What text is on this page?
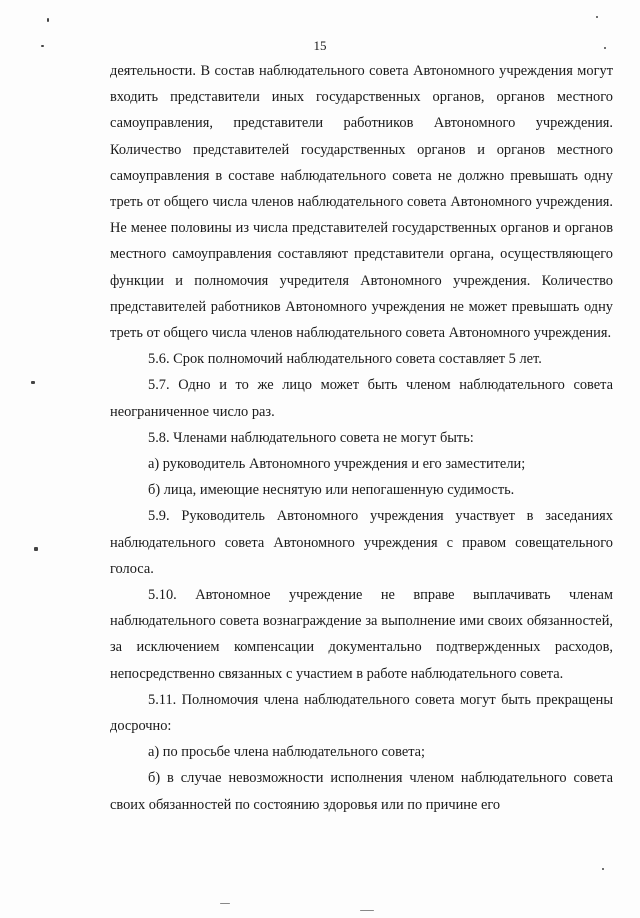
15

деятельности. В состав наблюдательного совета Автономного учреждения могут входить представители иных государственных органов, органов местного самоуправления, представители работников Автономного учреждения. Количество представителей государственных органов и органов местного самоуправления в составе наблюдательного совета не должно превышать одну треть от общего числа членов наблюдательного совета Автономного учреждения. Не менее половины из числа представителей государственных органов и органов местного самоуправления составляют представители органа, осуществляющего функции и полномочия учредителя Автономного учреждения. Количество представителей работников Автономного учреждения не может превышать одну треть от общего числа членов наблюдательного совета Автономного учреждения.

5.6. Срок полномочий наблюдательного совета составляет 5 лет.

5.7. Одно и то же лицо может быть членом наблюдательного совета неограниченное число раз.

5.8. Членами наблюдательного совета не могут быть:

а) руководитель Автономного учреждения и его заместители;

б) лица, имеющие неснятую или непогашенную судимость.

5.9. Руководитель Автономного учреждения участвует в заседаниях наблюдательного совета Автономного учреждения с правом совещательного голоса.

5.10. Автономное учреждение не вправе выплачивать членам наблюдательного совета вознаграждение за выполнение ими своих обязанностей, за исключением компенсации документально подтвержденных расходов, непосредственно связанных с участием в работе наблюдательного совета.

5.11. Полномочия члена наблюдательного совета могут быть прекращены досрочно:

а) по просьбе члена наблюдательного совета;

б) в случае невозможности исполнения членом наблюдательного совета своих обязанностей по состоянию здоровья или по причине его
